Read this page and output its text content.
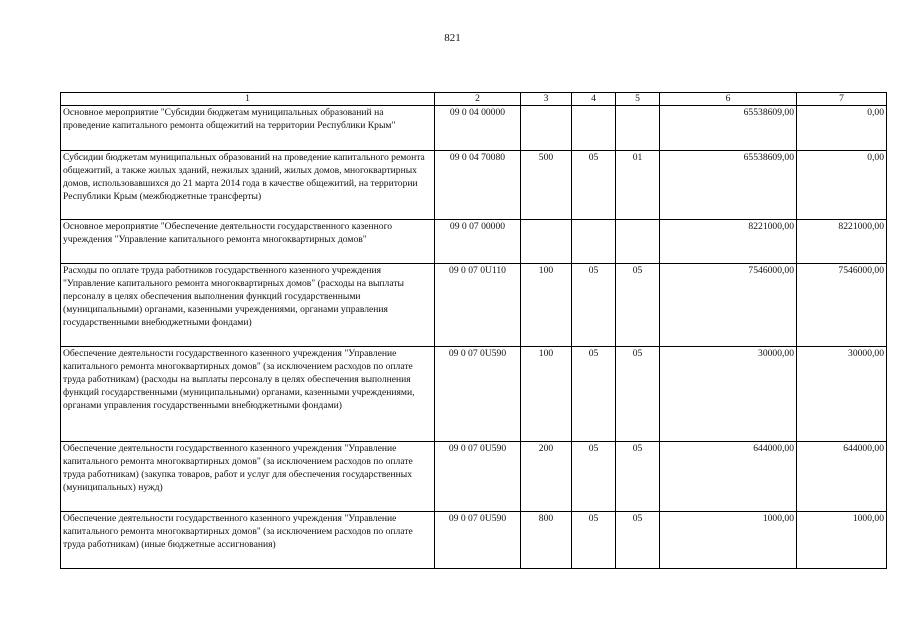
821
1	2	3	4	5	6	7
Основное мероприятие "Субсидии бюджетам муниципальных образований на проведение капитального ремонта общежитий на территории Республики Крым"	09 0 04 00000				65538609,00	0,00
Субсидии бюджетам муниципальных образований на проведение капитального ремонта общежитий, а также жилых зданий, нежилых зданий, жилых домов, многоквартирных домов, использовавшихся до 21 марта 2014 года в качестве общежитий, на территории Республики Крым (межбюджетные трансферты)	09 0 04 70080	500	05	01	65538609,00	0,00
Основное мероприятие "Обеспечение деятельности государственного казенного учреждения "Управление капитального ремонта многоквартирных домов"	09 0 07 00000				8221000,00	8221000,00
Расходы по оплате труда работников государственного казенного учреждения "Управление капитального ремонта многоквартирных домов" (расходы на выплаты персоналу в целях обеспечения выполнения функций государственными (муниципальными) органами, казенными учреждениями, органами управления государственными внебюджетными фондами)	09 0 07 0U110	100	05	05	7546000,00	7546000,00
Обеспечение деятельности государственного казенного учреждения "Управление капитального ремонта многоквартирных домов" (за исключением расходов по оплате труда работникам) (расходы на выплаты персоналу в целях обеспечения выполнения функций государственными (муниципальными) органами, казенными учреждениями, органами управления государственными внебюджетными фондами)	09 0 07 0U590	100	05	05	30000,00	30000,00
Обеспечение деятельности государственного казенного учреждения "Управление капитального ремонта многоквартирных домов" (за исключением расходов по оплате труда работникам) (закупка товаров, работ и услуг для обеспечения государственных (муниципальных) нужд)	09 0 07 0U590	200	05	05	644000,00	644000,00
Обеспечение деятельности государственного казенного учреждения "Управление капитального ремонта многоквартирных домов" (за исключением расходов по оплате труда работникам) (иные бюджетные ассигнования)	09 0 07 0U590	800	05	05	1000,00	1000,00
